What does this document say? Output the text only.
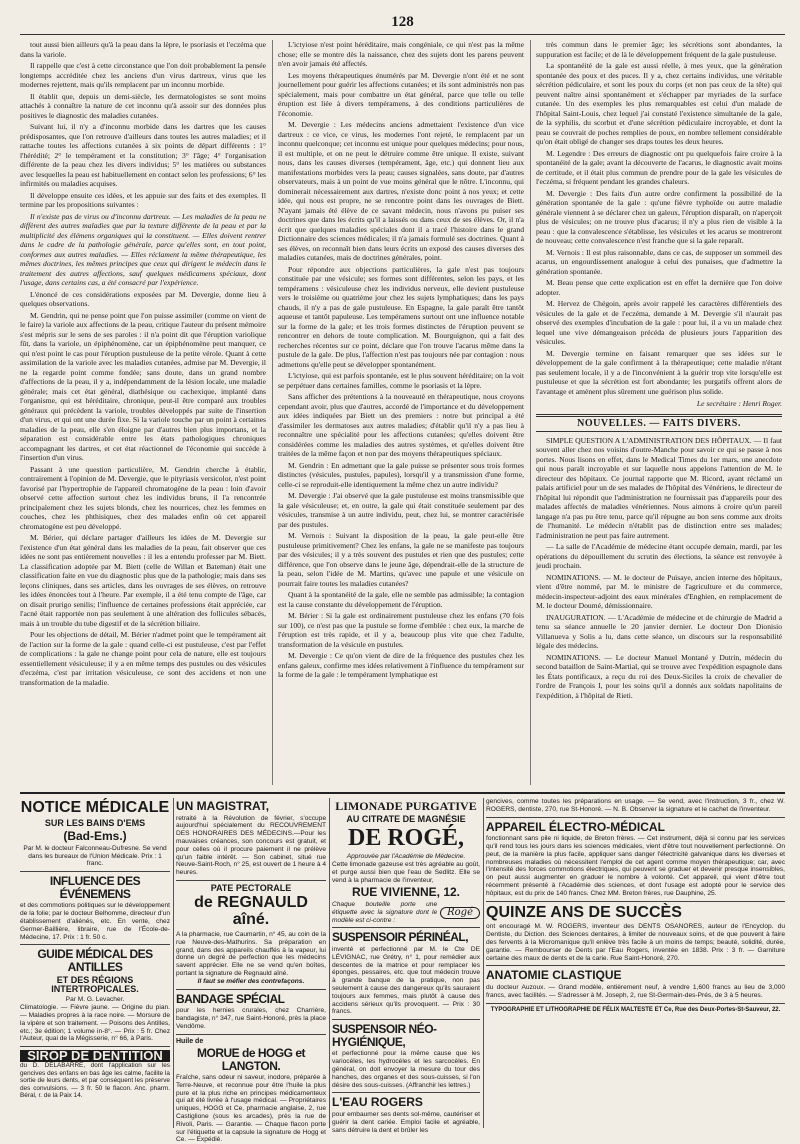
128

tout aussi bien ailleurs qu'à la peau dans la lèpre, le psoriasis et l'eczéma que dans la variole.

Il rappelle que c'est à cette circonstance que l'on doit probablement la pensée longtemps accréditée chez les anciens d'un virus dartreux, virus que les modernes rejettent, mais qu'ils remplacent par un inconnu morbide.

Il établit que, depuis un demi-siècle, les dermatologistes se sont moins attachés à connaître la nature de cet inconnu qu'à assoir sur des données plus positives le diagnostic des maladies cutanées.

Suivant lui, il n'y a d'inconnu morbide dans les dartres que les causes prédisposantes, que l'on retrouve d'ailleurs dans toutes les autres maladies; et il rattache toutes les affections cutanées à six points de départ différents : 1° l'hérédité; 2° le tempérament et la constitution; 3° l'âge; 4° l'organisation différente de la peau chez les divers individus; 5° les matières ou substances avec lesquelles la peau est habituellement en contact selon les professions; 6° les infirmités ou maladies acquises.

Il développe ensuite ces idées, et les appuie sur des faits et des exemples. Il termine par les propositions suivantes :

Il n'existe pas de virus ou d'inconnu dartreux. — Les maladies de la peau ne diffèrent des autres maladies que par la texture différente de la peau et par la multiplicité des élémens organiques qui la constituent. — Elles doivent rentrer dans le cadre de la pathologie générale, parce qu'elles sont, en tout point, conformes aux autres maladies. — Elles réclament la même thérapeutique, les mêmes doctrines, les mêmes principes que ceux qui dirigent le médecin dans le traitement des autres affections, sauf quelques médicamens spéciaux, dont l'usage, dans certains cas, a été consacré par l'expérience.

L'énoncé de ces considérations exposées par M. Devergie, donne lieu à quelques observations.

M. Gendrin, qui ne pense point que l'on puisse assimiler (comme on vient de le faire) la variole aux affections de la peau, critique l'auteur du présent mémoire s'est mépris sur le sens de ses paroles : il n'a point dit que l'éruption variolique fût, dans la variole, un épiphénomène, car un épiphénomène peut manquer, ce qui n'est point le cas pour l'éruption pustuleuse de la petite vérole. Quant à cette assimilation de la variole avec les maladies cutanées, admise par M. Devergie, il ne la regarde point comme fondée; sans doute, dans un grand nombre d'affections de la peau, il y a, indépendamment de la lésion locale, une maladie générale; mais cet état général, diathésique ou cachexique, implanté dans l'organisme, qui est héréditaire, chronique, peut-il être comparé aux troubles généraux qui précèdent la variole, troubles développés par suite de l'insertion d'un virus, et qui ont une durée fixe. Si la variole touche par un point à certaines maladies de la peau, elle s'en éloigne par d'autres bien plus importans, et la séparation est considérable entre les états pathologiques chroniques accompagnant les dartres, et cet état réactionnel de l'économie qui succède à l'insertion d'un virus.

Passant à une question particulière, M. Gendrin cherche à établir, contrairement à l'opinion de M. Devergie, que le pityriasis versicolor, n'est point favorisé par l'hypertrophie de l'appareil chromatogène de la peau : loin d'avoir observé cette affection surtout chez les individus bruns, il l'a rencontrée principalement chez les sujets blonds, chez les nourrices, chez les femmes en couches, chez les phthisiques, chez des malades enfin où cet appareil chromatogène est peu développé.

M. Bérier, qui déclare partager d'ailleurs les idées de M. Devergie sur l'existence d'un état général dans les maladies de la peau, fait observer que ces idées ne sont pas entièrement nouvelles : il les a entendu professer par M. Biett. La classification adoptée par M. Biett (celle de Willan et Bateman) était une classification faite en vue du diagnostic plus que de la pathologie; mais dans ses leçons cliniques, dans ses articles, dans les ouvrages de ses élèves, on retrouve les idées énoncées tout à l'heure. Par exemple, il a été tenu compte de l'âge, car on disait prurigo senilis; l'influence de certaines professions était appréciée, car l'acné était rapportée non pas seulement à une altération des follicules sébacés, mais à un trouble du tube digestif et de la sécrétion biliaire.

Pour les objections de détail, M. Bérier n'admet point que le tempérament ait de l'action sur la forme de la gale : quand celle-ci est pustuleuse, c'est par l'effet de complications : la gale ne change point pour cela de nature, elle est toujours essentiellement vésiculeuse; il y a en même temps des pustules ou des vésicules d'eczéma, c'est par irritation vésiculeuse, ce sont des accidens et non une transformation de la maladie.

L'ictyiose n'est point héréditaire, mais congéniale, ce qui n'est pas la même chose; elle se montre dès la naissance, chez des sujets dont les parens peuvent n'en avoir jamais été affectés.

Les moyens thérapeutiques énumérés par M. Devergie n'ont été et ne sont journellement pour guérir les affections cutanées; et ils sont administrés non pas spécialement, mais pour combattre un état général, parce que telle ou telle éruption est liée à divers tempéramens, à des conditions particulières de l'économie.

M. Devergie : Les médecins anciens admettaient l'existence d'un vice dartreux : ce vice, ce virus, les modernes l'ont rejeté, le remplacent par un inconnu quelconque; cet inconnu est unique pour quelques médecins; pour nous, il est multiple, et on ne peut le détruire comme être unique. Il existe, suivant nous, dans les causes diverses (tempérament, âge, etc.) qui donnent lieu aux manifestations morbides vers la peau; causes signalées, sans doute, par d'autres observateurs, mais à un point de vue moins général que le nôtre. L'inconnu, qui dominerait nécessairement aux dartres, n'existe donc point à nos yeux; et cette idée, qui nous est propre, ne se rencontre point dans les ouvrages de Biett. N'ayant jamais été élève de ce savant médecin, nous n'avons pu puiser ses doctrines que dans les écrits qu'il a laissés ou dans ceux de ses élèves. Or, il n'a écrit que quelques maladies spéciales dont il a tracé l'histoire dans le grand Dictionnaire des sciences médicales; il n'a jamais formulé ses doctrines. Quant à ses élèves, on reconnaît bien dans leurs écrits un exposé des causes diverses des maladies cutanées, mais de doctrines générales, point.

Pour répondre aux objections particulières, la gale n'est pas toujours constituée par une vésicule; ses formes sont différentes, selon les pays, et les tempéramens : vésiculeuse chez les individus nerveux, elle devient pustuleuse vers le troisième ou quatrième jour chez les sujets lymphatiques; dans les pays chauds, il n'y a pas de gale pustuleuse. En Espagne, la gale paraît être tantôt aqueuse et tantôt papuleuse. Les tempéramens surtout ont une influence notable sur la forme de la gale; et les trois formes distinctes de l'éruption peuvent se rencontrer en dehors de toute complication. M. Bourguignon, qui a fait des recherches récentes sur ce point, déclare que l'on trouve l'acarus même dans la pustule de la gale. De plus, l'affection n'est pas toujours née par contagion : nous admettons qu'elle peut se développer spontanément.

L'ictyiose, qui est parfois spontanée, est le plus souvent héréditaire; on la voit se perpétuer dans certaines familles, comme le psoriasis et la lèpre.

Sans afficher des prétentions à la nouveauté en thérapeutique, nous croyons cependant avoir, plus que d'autres, accordé de l'importance et du développement aux idées indiquées par Biett un des premiers : notre but principal a été d'assimiler les dermatoses aux autres maladies; d'établir qu'il n'y a pas lieu à reconnaître une spécialité pour les affections cutanées; qu'elles doivent être considérées comme les maladies des autres systèmes, et qu'elles doivent être traitées de la même façon et non par des moyens thérapeutiques spéciaux.

M. Gendrin : En admettant que la gale puisse se présenter sous trois formes distinctes (vésicules, pustules, papules), lorsqu'il y a transmission d'une forme, celle-ci se reproduit-elle identiquement la même chez un autre individu?

M. Devergie : J'ai observé que la gale pustuleuse est moins transmissible que la gale vésiculeuse; et, en outre, la gale qui était constituée seulement par des vésicules, transmise à un autre individu, peut, chez lui, se montrer caractérisée par des pustules.

M. Vernois : Suivant la disposition de la peau, la gale peut-elle être pustuleuse primitivement? Chez les enfans, la gale ne se manifeste pas toujours par des vésicules; il y a très souvent des pustules et rien que des pustules; cette différence, que l'on observe dans le jeune âge, dépendrait-elle de la structure de la peau, selon l'idée de M. Martins, qu'avec une papule et une vésicule on pourrait faire toutes les maladies cutanées?

Quant à la spontanéité de la gale, elle ne semble pas admissible; la contagion est la cause constante du développement de l'éruption.

M. Bérier : Si la gale est ordinairement pustuleuse chez les enfans (70 fois sur 100), ce n'est pas que la pustule se forme d'emblée : chez eux, la marche de l'éruption est très rapide, et il y a, beaucoup plus vite que chez l'adulte, transformation de la vésicule en pustules.

M. Devergie : Ce qu'on vient de dire de la fréquence des pustules chez les enfans galeux, confirme mes idées relativement à l'influence du tempérament sur la forme de la gale : le tempérament lymphatique est

très commun dans le premier âge; les sécrétions sont abondantes, la suppuration est facile; et de là le développement fréquent de la gale pustuleuse.

La spontanéité de la gale est aussi réelle, à mes yeux, que la génération spontanée des poux et des puces. Il y a, chez certains individus, une véritable sécrétion pédiculaire, et sont les poux du corps (et non pas ceux de la tête) qui peuvent naître ainsi spontanément et s'échapper par myriades de la surface cutanée. Un des exemples les plus remarquables est celui d'un malade de l'hôpital Saint-Louis, chez lequel j'ai constaté l'existence simultanée de la gale, de la syphilis, du scorbut et d'une sécrétion pédiculaire incroyable, et dont la peau se couvrait de poches remplies de poux, en nombre tellement considérable qu'on était obligé de changer ses draps toutes les deux heures.

M. Legendre : Des erreurs de diagnostic ont pu quelquefois faire croire à la spontanéité de la gale; avant la découverte de l'acarus, le diagnostic avait moins de certitude, et il était plus commun de prendre pour de la gale les vésicules de l'eczéma, si fréquent pendant les grandes chaleurs.

M. Devergie : Des faits d'un autre ordre confirment la possibilité de la génération spontanée de la gale : qu'une fièvre typhoïde ou autre maladie générale viennent à se déclarer chez un galeux, l'éruption disparaît, on n'aperçoit plus de vésicules; on ne trouve plus d'acarus; il n'y a plus rien de visible à la peau : que la convalescence s'établisse, les vésicules et les acarus se montreront de nouveau; cette convalescence n'est franche que si la gale reparaît.

M. Vernois : Il est plus raisonnable, dans ce cas, de supposer un sommeil des acarus, un engourdissement analogue à celui des punaises, que d'admettre la génération spontanée.

M. Beau pense que cette explication est en effet la dernière que l'on doive adopter.

M. Hervez de Chégoin, après avoir rappelé les caractères différentiels des vésicules de la gale et de l'eczéma, demande à M. Devergie s'il n'aurait pas observé des exemples d'incubation de la gale : pour lui, il a vu un malade chez lequel une vive démangeaison précéda de plusieurs jours l'apparition des vésicules.

M. Devergie termine en faisant remarquer que ses idées sur le développement de la gale confirment à la thérapeutique; cette maladie n'étant pas seulement locale, il y a de l'inconvénient à la guérir trop vite lorsqu'elle est pustuleuse et que la sécrétion est fort abondante; les purgatifs offrent alors de l'avantage et amènent plus sûrement une guérison plus solide.

Le secrétaire : Henri Roger.
NOUVELLES. — FAITS DIVERS.

SIMPLE QUESTION A L'ADMINISTRATION DES HÔPITAUX. — Il faut souvent aller chez nos voisins d'outre-Manche pour savoir ce qui se passe à nos portes. Nous lisons en effet, dans le Medical Times du 1er mars, une anecdote qui nous paraît incroyable et sur laquelle nous appelons l'attention de M. le directeur des hôpitaux. Ce journal rapporte que M. Ricord, ayant réclamé un palais artificiel pour un de ses malades de l'hôpital des Vénériens, le directeur de l'hôpital lui répondit que l'administration ne fournissait pas d'appareils pour des malades affectés de maladies vénériennes. Nous aimons à croire qu'un pareil langage n'a pas pu être tenu, parce qu'il répugne au bon sens comme aux droits de l'humanité. Le médecin n'établit pas de distinction entre ses malades; l'administration ne peut pas faire autrement.

— La salle de l'Académie de médecine étant occupée demain, mardi, par les opérations du dépouillement du scrutin des élections, la séance est renvoyée à jeudi prochain.

NOMINATIONS. — M. le docteur de Puisaye, ancien interne des hôpitaux, vient d'être nommé, par M. le ministre de l'agriculture et du commerce, médecin-inspecteur-adjoint des eaux minérales d'Enghien, en remplacement de M. le docteur Doumé, démissionnaire.

INAUGURATION. — L'Académie de médecine et de chirurgie de Madrid a tenu sa séance annuelle le 20 janvier dernier. Le docteur Don Dionisio Villanueva y Solis a lu, dans cette séance, un discours sur la responsabilité légale des médecins.

NOMINATIONS. — Le docteur Manuel Montané y Dutrin, médecin du second bataillon de Saint-Martial, qui se trouve avec l'expédition espagnole dans les États pontificaux, a reçu du roi des Deux-Siciles la croix de chevalier de l'ordre de François I, pour les soins qu'il a donnés aux soldats napolitains de l'expédition, à l'hôpital de Rieti.

NOTICE MÉDICALE
SUR LES BAINS D'EMS
(Bad-Ems.)
Par M. le docteur Falconneau-Dufresne. Se vend dans les bureaux de l'Union Médicale. Prix : 1 franc.
INFLUENCE DES ÉVÉNEMENS
et des commotions politiques sur le développement de la folie; par le docteur Belhomme, directeur d'un établissement d'aliénés, etc. En vente, chez Germer-Baillière, libraire, rue de l'École-de-Médecine, 17. Prix : 1 fr. 50 c.
GUIDE MÉDICAL DES ANTILLES
ET DES RÉGIONS INTERTROPICALES.
Par M. G. Levacher.
Climatologie. — Fièvre jaune. — Origine du pian. — Maladies propres à la race noire. — Morsure de la vipère et son traitement. — Poisons des Antilles, etc.; 3e édition; 1 volume in-8°. — Prix : 5 fr. Chez l'Auteur, quai de la Mégisserie, n° 66, à Paris.
SIROP DE DENTITION
du D. DELABARRE, dont l'application sur les gencives des enfans en bas âge les calme, facilite la sortie de leurs dents, et par conséquent les préserve des convulsions. — 3 fr. 50 le flacon. Anc. pharm. Béral, r. de la Paix 14.
UN MAGISTRAT,
retraité à la Révolution de février, s'occupe aujourd'hui spécialement du RECOUVREMENT DES HONORAIRES DES MÉDECINS.—Pour les mauvaises créances, son concours est gratuit, et pour celles où il procure paiement il ne prélève qu'un faible intérêt. — Son cabinet, situé rue Neuve-Saint-Roch, n° 25, est ouvert de 1 heure à 4 heures.
PATE PECTORALE
de REGNAULD aîné.
A la pharmacie, rue Caumartin, n° 45, au coin de la rue Neuve-des-Mathurins. Sa préparation en grand, dans des appareils chauffés à la vapeur, lui donne un degré de perfection que les médecins savent apprécier. Elle ne se vend qu'en boîtes, portant la signature de Regnauld aîné.
Il faut se méfier des contrefaçons.
BANDAGE SPÉCIAL
pour les hernies crurales, chez Charrière, bandagiste, n° 347, rue Saint-Honoré, près la place Vendôme.
Huile de
MORUE de HOGG et LANGTON.
Fraîche, sans odeur ni saveur, inodore, préparée à Terre-Neuve, et reconnue pour être l'huile la plus pure et la plus riche en principes médicamenteux qui ait été livrée à l'usage médical. — Propriétaires uniques, HOGG et Ce, pharmacie anglaise, 2, rue Castiglione (sous les arcades), près la rue de Rivoli, Paris. — Garantie. — Chaque flacon porte sur l'étiquette et la capsule la signature de Hogg et Ce. — Expédié.
LIMONADE PURGATIVE
AU CITRATE DE MAGNÉSIE
DE ROGÉ,
Approuvée par l'Académie de Médecine.
Cette limonade gazeuse est très agréable au goût, et purge aussi bien que l'eau de Sedlitz. Elle se vend à la pharmacie de l'inventeur,
RUE VIVIENNE, 12.
Chaque bouteille porte une étiquette avec la signature dont le modèle est ci-contre :
Rogé
SUSPENSOIR PÉRINÉAL,
inventé et perfectionné par M. le Cte DE LÉVIGNAC, rue Grétry, n° 1, pour remédier aux descentes de la matrice et pour remplacer les éponges, pessaires, etc. que tout médecin trouve à grande banque de la pratique, non pas seulement à cause des dangereux qu'ils sauraient toujours aux femmes, mais plutôt à cause des accidens sérieux qu'ils provoquent. — Prix : 30 francs.
SUSPENSOIR NÉO-HYGIÉNIQUE,
et perfectionné pour la même cause que les variocèles, les hydrocèles et les sarcocèles. En général, on doit envoyer la mesure du tour des hanches, des organes et des sous-cuisses, si l'on désire des sous-cuisses. (Affranchir les lettres.)
L'EAU ROGERS
pour embaumer ses dents sol-même, cautériser et guérir la dent cariée. Emploi facile et agréable, sans détruire la dent et brûler les
gencives, comme toutes les préparations en usage. — Se vend, avec l'instruction, 3 fr., chez W. ROGERS, dentiste, 270, rue St-Honoré. — N. B. Observer la signature et le cachet de l'inventeur.
APPAREIL ÉLECTRO-MÉDICAL
fonctionnant sans pile ni liquide, de Breton frères. — Cet instrument, déjà si connu par les services qu'il rend tous les jours dans les sciences médicales, vient d'être tout nouvellement perfectionné. On peut, de la manière la plus facile, appliquer sans danger l'électricité galvanique dans les diverses et nombreuses maladies où nécessitent l'emploi de cet agent comme moyen thérapeutique; car, avec l'intensité des forces commotions électriques, qui peuvent se graduer et devenir presque insensibles, on peut aussi augmenter en graduer le nombre à volonté. Cet appareil, qui vient d'être tout récemment présenté à l'Académie des sciences, et dont l'usage est adopté pour le service des hôpitaux, est du prix de 140 francs. Chez MM. Breton frères, rue Dauphine, 25.
QUINZE ANS DE SUCCÈS
ont encouragé M. W. ROGERS, inventeur des DENTS OSANORES, auteur de l'Encyclop. du Dentiste, du Diction. des Sciences dentaires, à limiter de nouveaux soins, et de que pouvent à faire des fervents à la Micromanique qu'il enlève très facile à un moins de temps; beauté, solidité, durée, garantie. — Rembourser de Dents par l'Eau Rogers, inventée en 1838. Prix : 3 fr. — Garniture certaine des maux de dents et de la carie. Rue Saint-Honoré, 270.
ANATOMIE CLASTIQUE
du docteur Auzoux. — Grand modèle, entièrement neuf, à vendre 1,600 francs au lieu de 3,000 francs, avec facilités. — S'adresser à M. Joseph, 2, rue St-Germain-des-Prés, de 3 à 5 heures.
TYPOGRAPHIE ET LITHOGRAPHIE DE FÉLIX MALTESTE ET Ce, Rue des Deux-Portes-St-Sauveur, 22.
